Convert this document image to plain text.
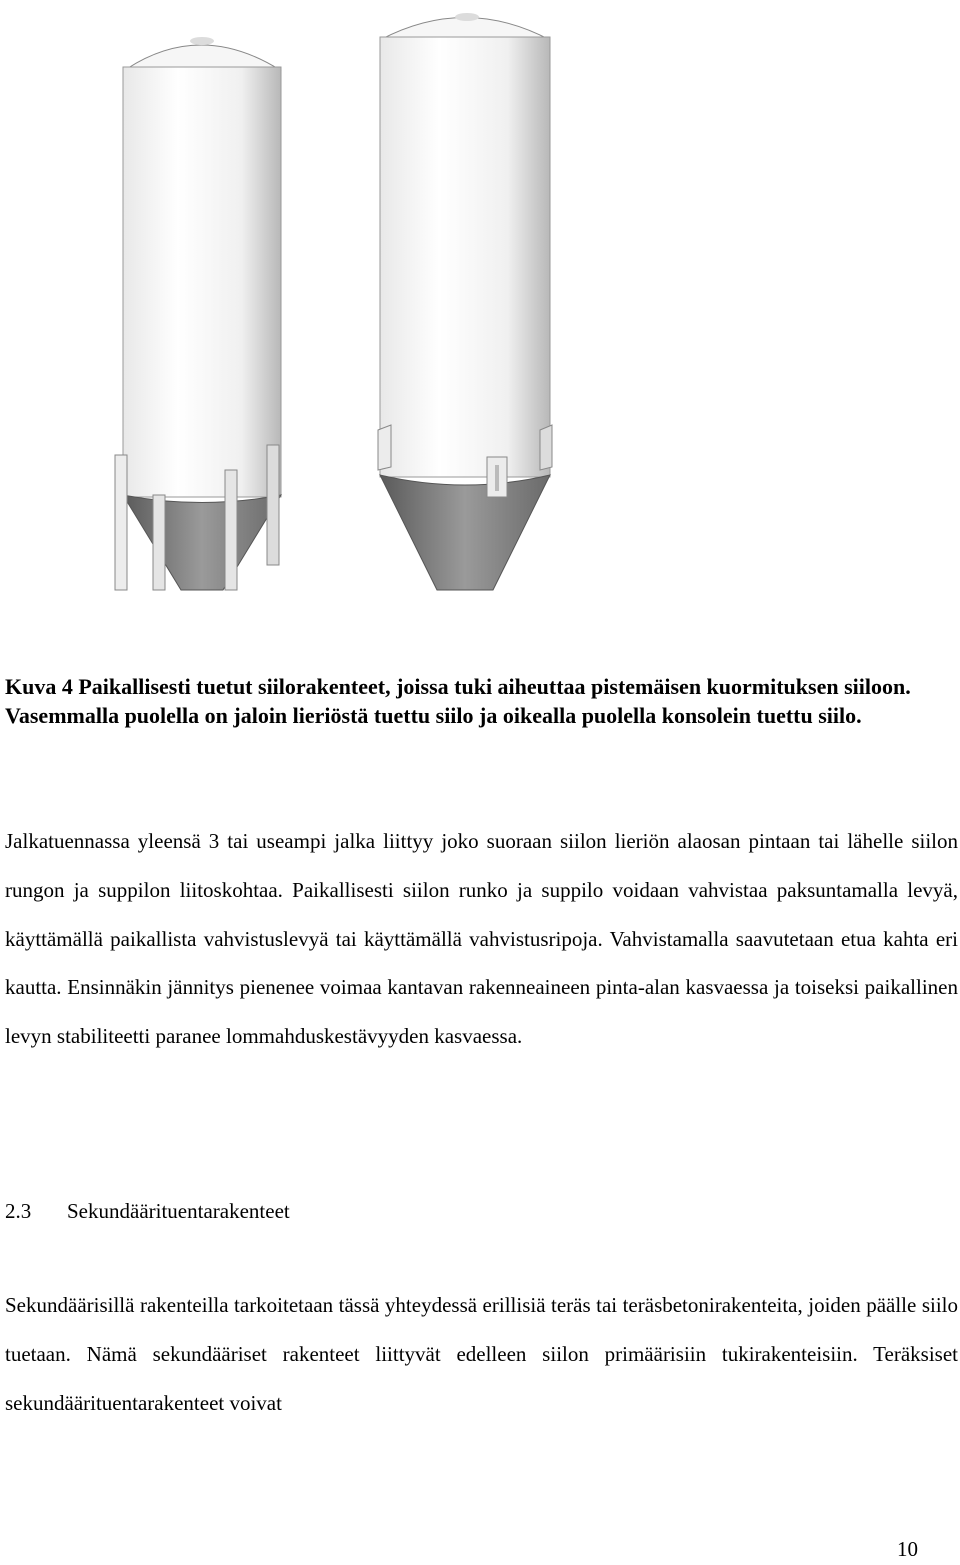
Kuva 4 Paikallisesti tuetut siilorakenteet, joissa tuki aiheuttaa pistemäisen kuormituksen siiloon. Vasemmalla puolella on jaloin lieriöstä tuettu siilo ja oikealla puolella konsolein tuettu siilo.

Jalkatuennassa yleensä 3 tai useampi jalka liittyy joko suoraan siilon lieriön alaosan pintaan tai lähelle siilon rungon ja suppilon liitoskohtaa. Paikallisesti siilon runko ja suppilo voidaan vahvistaa paksuntamalla levyä, käyttämällä paikallista vahvistuslevyä tai käyttämällä vahvistusripoja. Vahvistamalla saavutetaan etua kahta eri kautta. Ensinnäkin jännitys pienenee voimaa kantavan rakenneaineen pinta-alan kasvaessa ja toiseksi paikallinen levyn stabiliteetti paranee lommahduskestävyyden kasvaessa.

2.3 Sekundäärituentarakenteet

Sekundäärisillä rakenteilla tarkoitetaan tässä yhteydessä erillisiä teräs tai teräsbetonirakenteita, joiden päälle siilo tuetaan. Nämä sekundääriset rakenteet liittyvät edelleen siilon primäärisiin tukirakenteisiin. Teräksiset sekundäärituentarakenteet voivat

10
